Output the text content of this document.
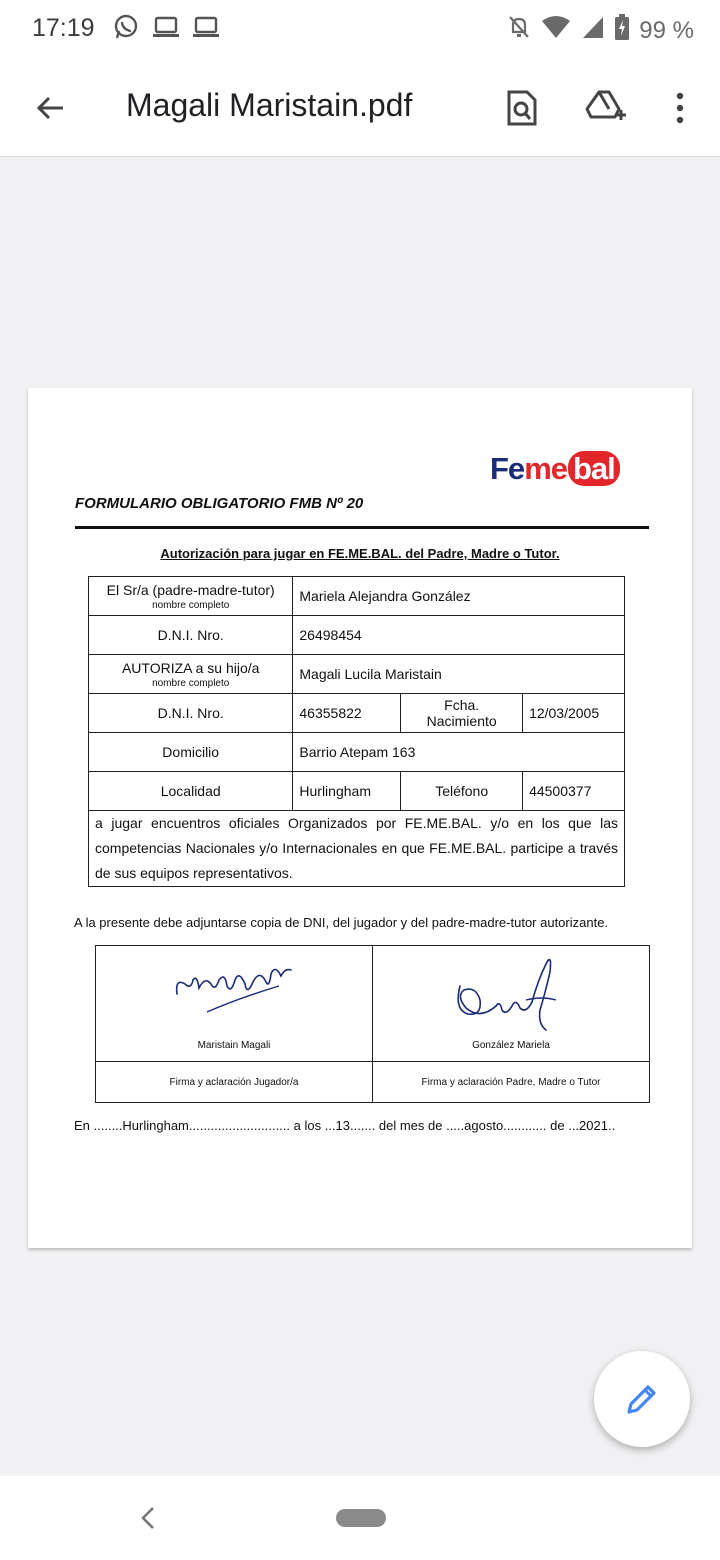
17:19	99 %
Magali Maristain.pdf
Feme bal
FORMULARIO OBLIGATORIO FMB Nº 20
Autorización para jugar en FE.ME.BAL. del Padre, Madre o Tutor.
El Sr/a (padre-madre-tutor)
nombre completo	Mariela Alejandra González		
D.N.I. Nro.	26498454		
AUTORIZA a su hijo/a
nombre completo	Magali Lucila Maristain		
D.N.I. Nro.	46355822	Fcha. Nacimiento	12/03/2005
Domicilio	Barrio Atepam 163		
Localidad	Hurlingham	Teléfono	44500377
a jugar encuentros oficiales Organizados por FE.ME.BAL. y/o en los que las competencias Nacionales y/o Internacionales en que FE.ME.BAL. participe a través de sus equipos representativos.			
A la presente debe adjuntarse copia de DNI, del jugador y del padre-madre-tutor autorizante.
Maristain Magali	González Mariela
Firma y aclaración Jugador/a	Firma y aclaración Padre, Madre o Tutor
En ........Hurlingham............................ a los ...13....... del mes de .....agosto............ de ...2021..
